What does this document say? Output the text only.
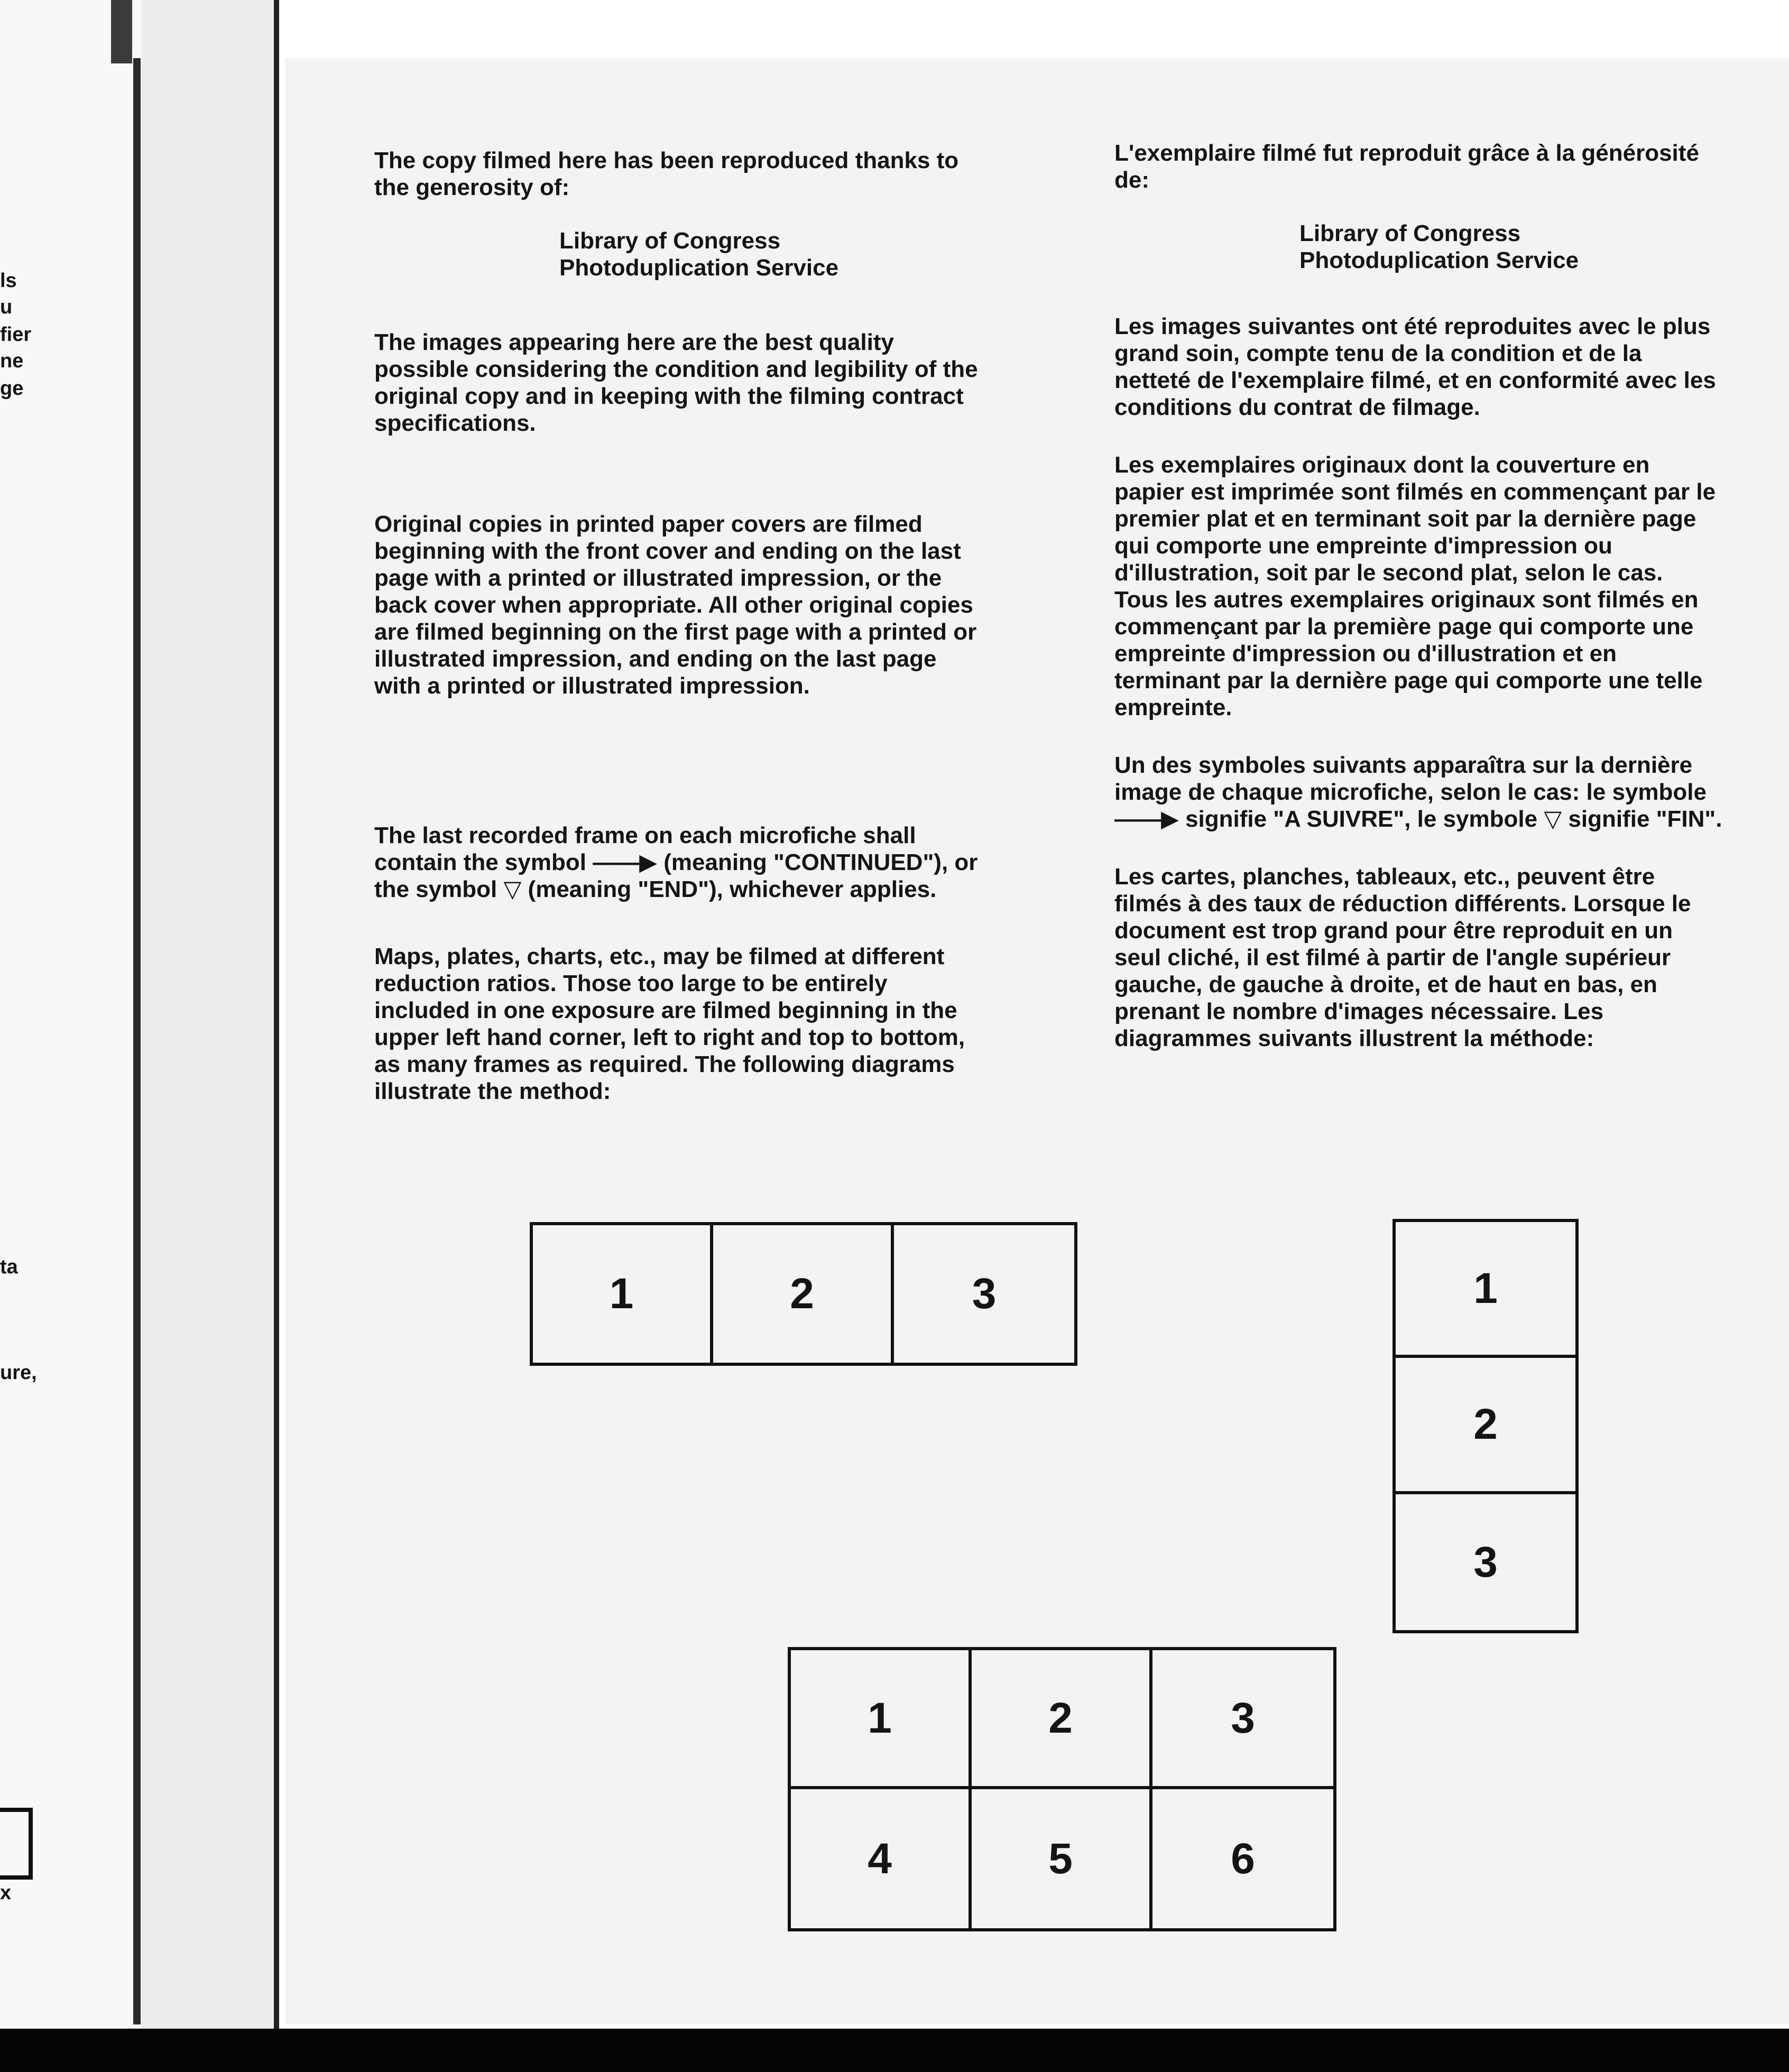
ls
u
fier
ne
ge
ta
ure,
x

The copy filmed here has been reproduced thanks to the generosity of:

Library of Congress

Photoduplication Service

The images appearing here are the best quality possible considering the condition and legibility of the original copy and in keeping with the filming contract specifications.

Original copies in printed paper covers are filmed beginning with the front cover and ending on the last page with a printed or illustrated impression, or the back cover when appropriate. All other original copies are filmed beginning on the first page with a printed or illustrated impression, and ending on the last page with a printed or illustrated impression.

The last recorded frame on each microfiche shall contain the symbol ——▶ (meaning "CONTINUED"), or the symbol ▽ (meaning "END"), whichever applies.

Maps, plates, charts, etc., may be filmed at different reduction ratios. Those too large to be entirely included in one exposure are filmed beginning in the upper left hand corner, left to right and top to bottom, as many frames as required. The following diagrams illustrate the method:

L'exemplaire filmé fut reproduit grâce à la générosité de:

Library of Congress

Photoduplication Service

Les images suivantes ont été reproduites avec le plus grand soin, compte tenu de la condition et de la netteté de l'exemplaire filmé, et en conformité avec les conditions du contrat de filmage.

Les exemplaires originaux dont la couverture en papier est imprimée sont filmés en commençant par le premier plat et en terminant soit par la dernière page qui comporte une empreinte d'impression ou d'illustration, soit par le second plat, selon le cas. Tous les autres exemplaires originaux sont filmés en commençant par la première page qui comporte une empreinte d'impression ou d'illustration et en terminant par la dernière page qui comporte une telle empreinte.

Un des symboles suivants apparaîtra sur la dernière image de chaque microfiche, selon le cas: le symbole ——▶ signifie "A SUIVRE", le symbole ▽ signifie "FIN".

Les cartes, planches, tableaux, etc., peuvent être filmés à des taux de réduction différents. Lorsque le document est trop grand pour être reproduit en un seul cliché, il est filmé à partir de l'angle supérieur gauche, de gauche à droite, et de haut en bas, en prenant le nombre d'images nécessaire. Les diagrammes suivants illustrent la méthode:

1	2	3	1
2
3
1	2	3
4	5	6
